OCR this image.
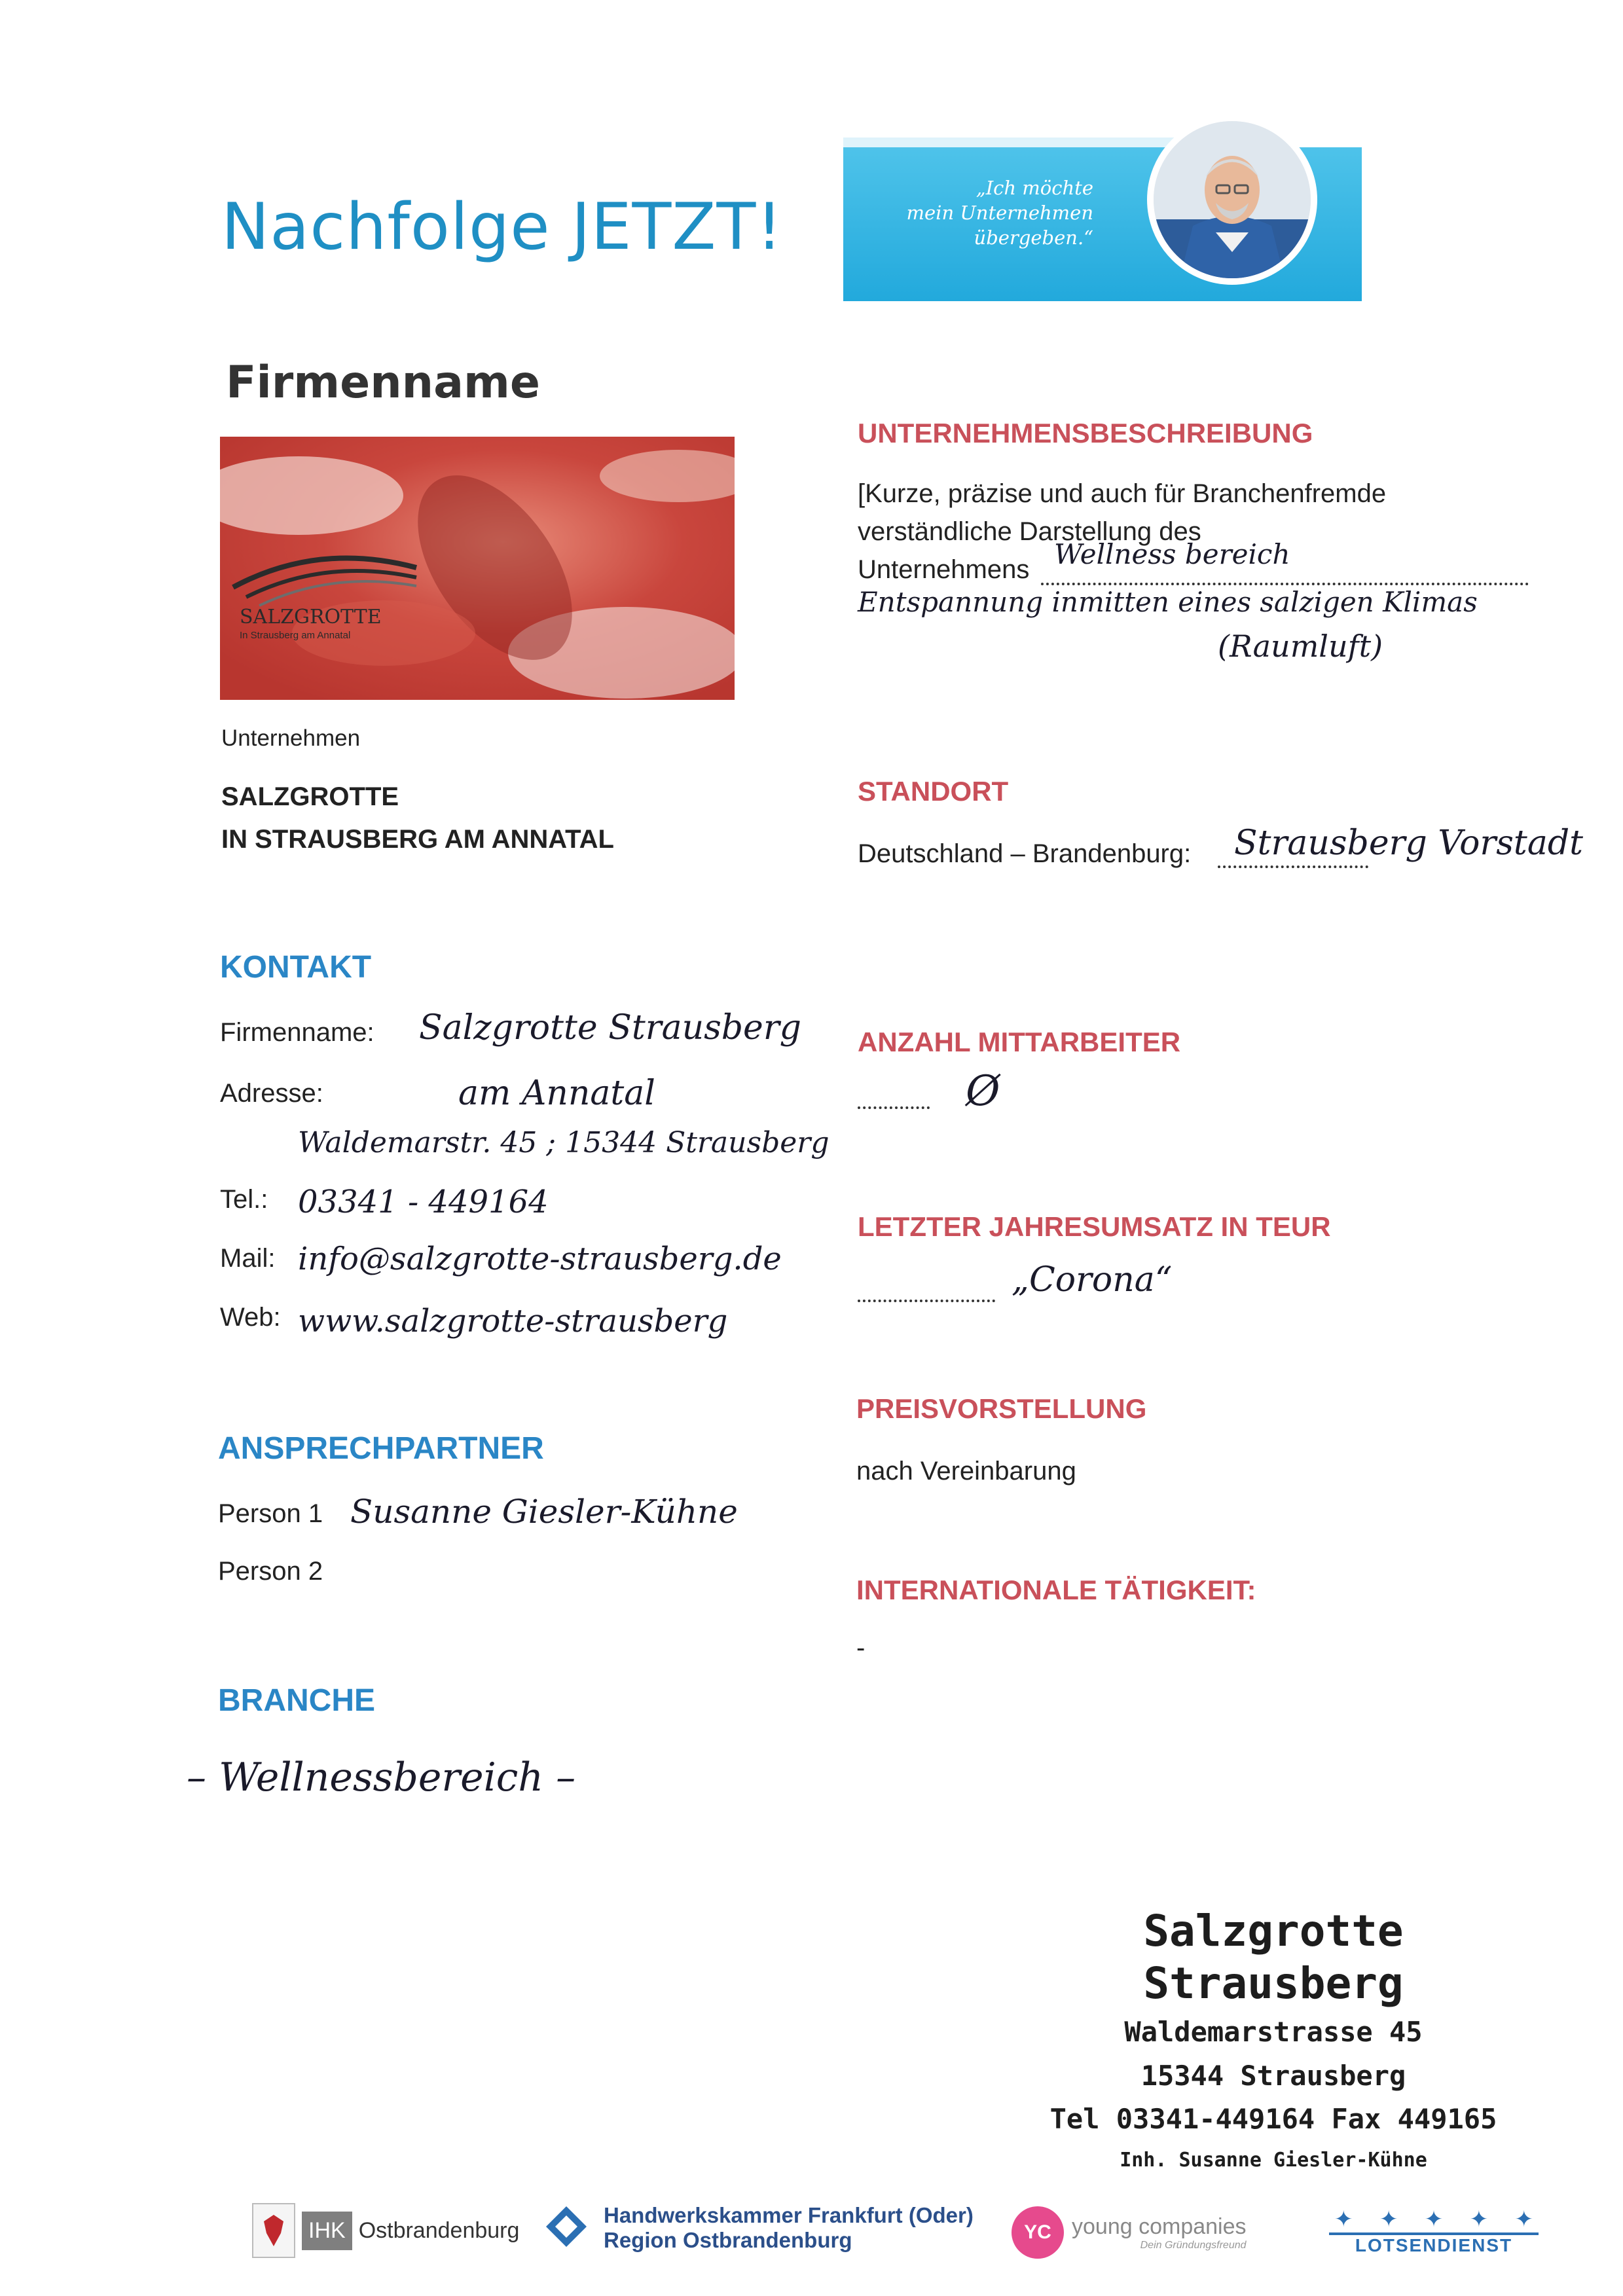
Nachfolge JETZT!
„Ich möchte
mein Unternehmen
übergeben.“
Firmenname
SALZGROTTE
In Strausberg am Annatal
Unternehmen
SALZGROTTE
IN STRAUSBERG AM ANNATAL
KONTAKT
Firmenname: Salzgrotte Strausberg
Adresse:	am Annatal
Waldemarstr. 45 ; 15344 Strausberg
Tel.: 03341 - 449164
Mail: info@salzgrotte-strausberg.de
Web: www.salzgrotte-strausberg
ANSPRECHPARTNER
Person 1 Susanne Giesler-Kühne
Person 2
BRANCHE
– Wellnessbereich –
UNTERNEHMENSBESCHREIBUNG
[Kurze, präzise und auch für Branchenfremde
verständliche Darstellung des
Unternehmens Wellness bereich
Entspannung inmitten eines salzigen Klimas
(Raumluft)
STANDORT
Deutschland – Brandenburg: Strausberg Vorstadt
ANZAHL MITTARBEITER
Ø
LETZTER JAHRESUMSATZ IN TEUR
„Corona“
PREISVORSTELLUNG
nach Vereinbarung
INTERNATIONALE TÄTIGKEIT:
-
Salzgrotte Strausberg
Waldemarstrasse 45
15344 Strausberg
Tel 03341-449164 Fax 449165
Inh. Susanne Giesler-Kühne
IHK Ostbrandenburg
Handwerkskammer Frankfurt (Oder)
Region Ostbrandenburg	YC young companies
Dein Gründungsfreund
✦ ✦ ✦ ✦ ✦
LOTSENDIENST
